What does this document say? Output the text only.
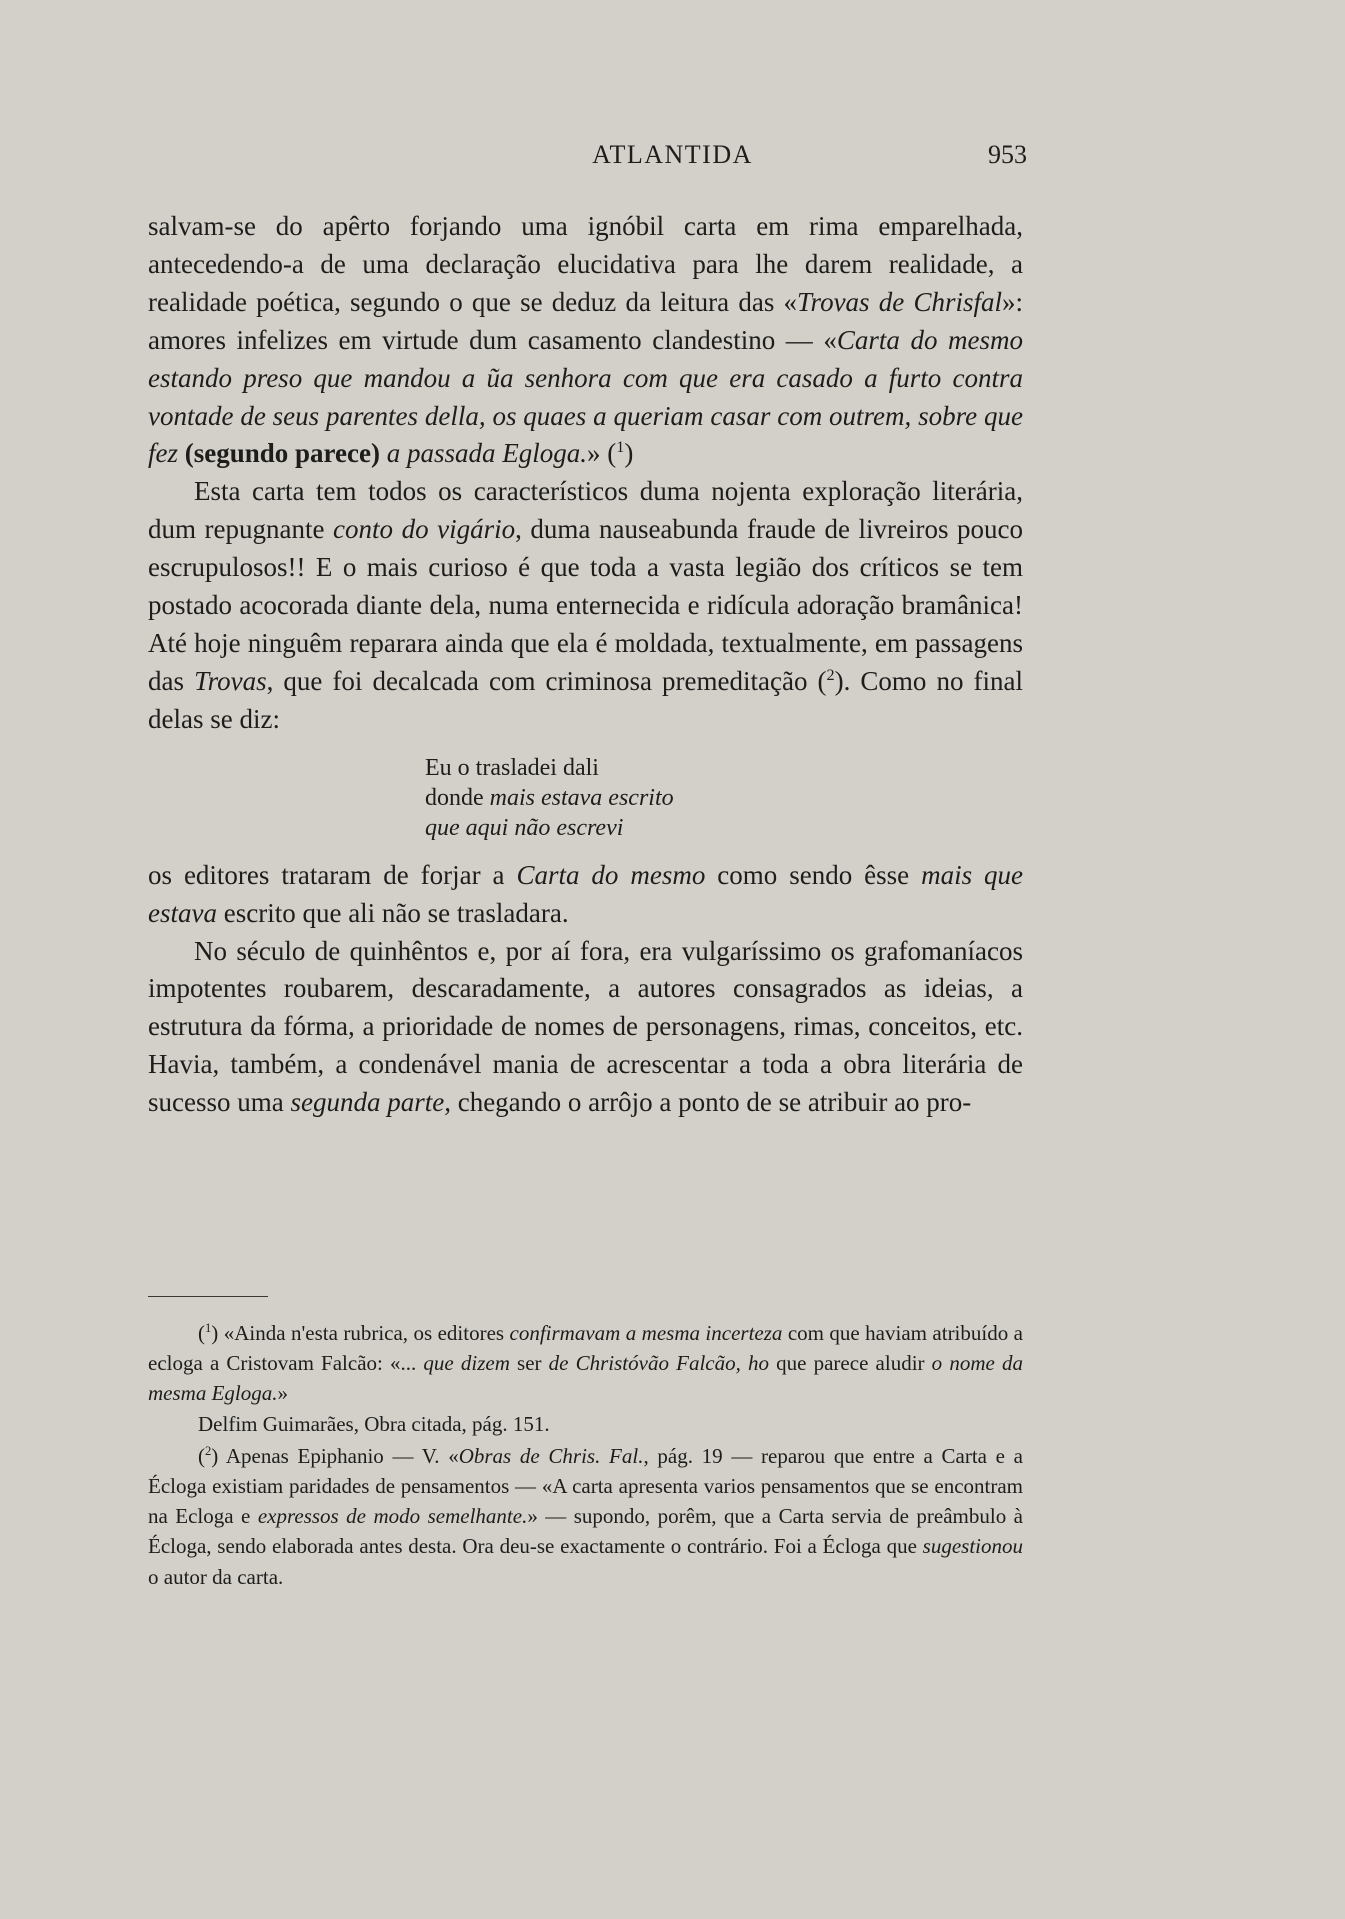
ATLANTIDA	953

salvam-se do apêrto forjando uma ignóbil carta em rima emparelhada, antecedendo-a de uma declaração elucidativa para lhe darem realidade, a realidade poética, segundo o que se deduz da leitura das «Trovas de Chrisfal»: amores infelizes em virtude dum casamento clandestino — «Carta do mesmo estando preso que mandou a ũa senhora com que era casado a furto contra vontade de seus parentes della, os quaes a queriam casar com outrem, sobre que fez (segundo parece) a passada Egloga.» ($^1$)

Esta carta tem todos os característicos duma nojenta exploração literária, dum repugnante conto do vigário, duma nauseabunda fraude de livreiros pouco escrupulosos!! E o mais curioso é que toda a vasta legião dos críticos se tem postado acocorada diante dela, numa enternecida e ridícula adoração bramânica! Até hoje ninguêm reparara ainda que ela é moldada, textualmente, em passagens das Trovas, que foi decalcada com criminosa premeditação ($^2$). Como no final delas se diz:

Eu o trasladei dali
donde mais estava escrito
que aqui não escrevi

os editores trataram de forjar a Carta do mesmo como sendo êsse mais que estava escrito que ali não se trasladara.

No século de quinhêntos e, por aí fora, era vulgaríssimo os grafomaníacos impotentes roubarem, descaradamente, a autores consagrados as ideias, a estrutura da fórma, a prioridade de nomes de personagens, rimas, conceitos, etc. Havia, também, a condenável mania de acrescentar a toda a obra literária de sucesso uma segunda parte, chegando o arrôjo a ponto de se atribuir ao pro-

($^1$) «Ainda n'esta rubrica, os editores confirmavam a mesma incerteza com que haviam atribuído a ecloga a Cristovam Falcão: «... que dizem ser de Christóvão Falcão, ho que parece aludir o nome da mesma Egloga.»

Delfim Guimarães, Obra citada, pág. 151.

($^2$) Apenas Epiphanio — V. «Obras de Chris. Fal., pág. 19 — reparou que entre a Carta e a Écloga existiam paridades de pensamentos — «A carta apresenta varios pensamentos que se encontram na Ecloga e expressos de modo semelhante.» — supondo, porêm, que a Carta servia de preâmbulo à Écloga, sendo elaborada antes desta. Ora deu-se exactamente o contrário. Foi a Écloga que sugestionou o autor da carta.
